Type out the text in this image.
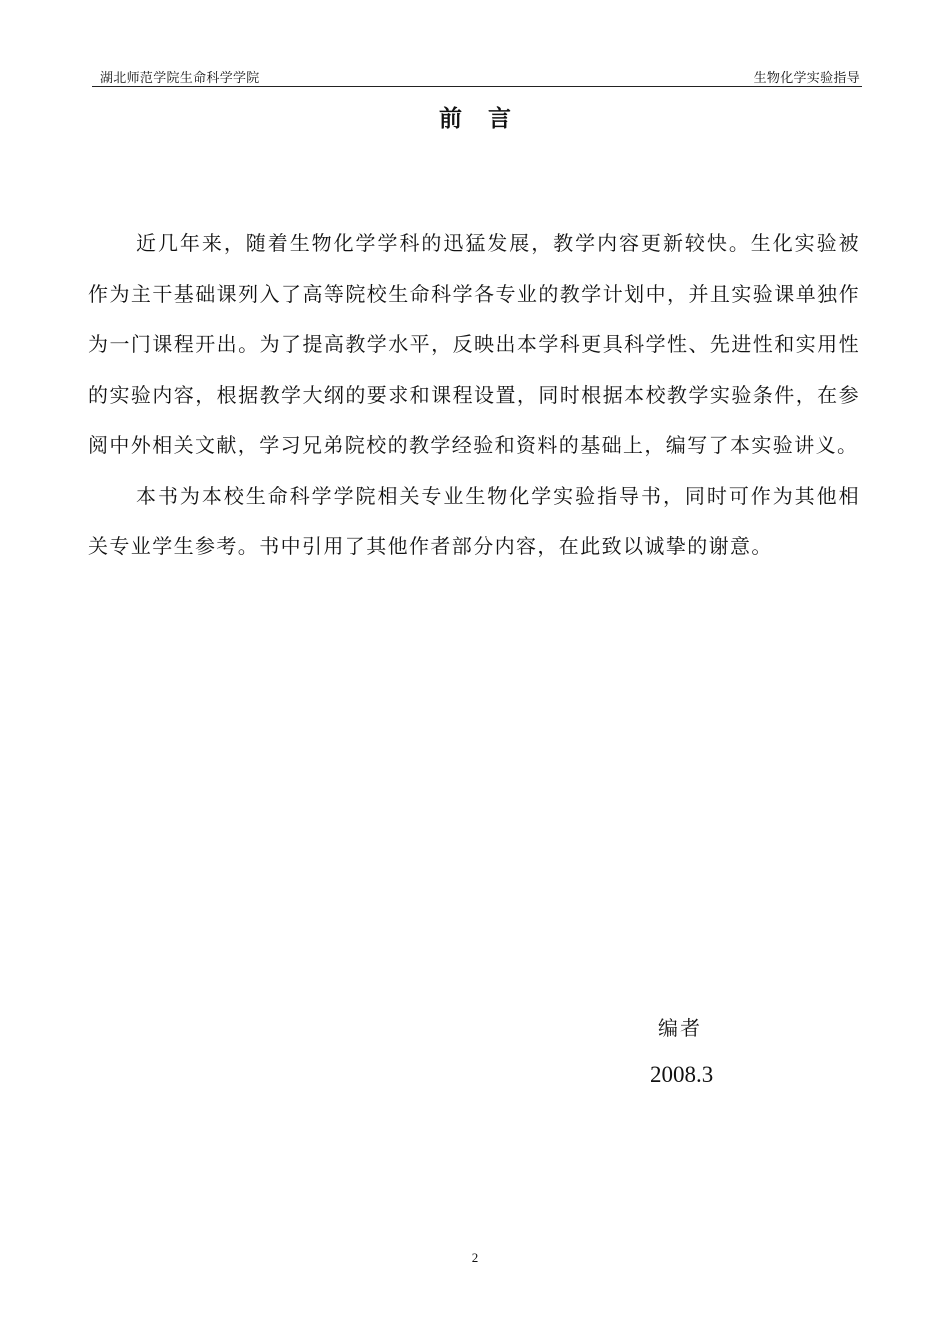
湖北师范学院生命科学学院	生物化学实验指导
前言

近几年来，随着生物化学学科的迅猛发展，教学内容更新较快。生化实验被作为主干基础课列入了高等院校生命科学各专业的教学计划中，并且实验课单独作为一门课程开出。为了提高教学水平，反映出本学科更具科学性、先进性和实用性的实验内容，根据教学大纲的要求和课程设置，同时根据本校教学实验条件，在参阅中外相关文献，学习兄弟院校的教学经验和资料的基础上，编写了本实验讲义。

本书为本校生命科学学院相关专业生物化学实验指导书，同时可作为其他相关专业学生参考。书中引用了其他作者部分内容，在此致以诚挚的谢意。

编者
2008.3
2
